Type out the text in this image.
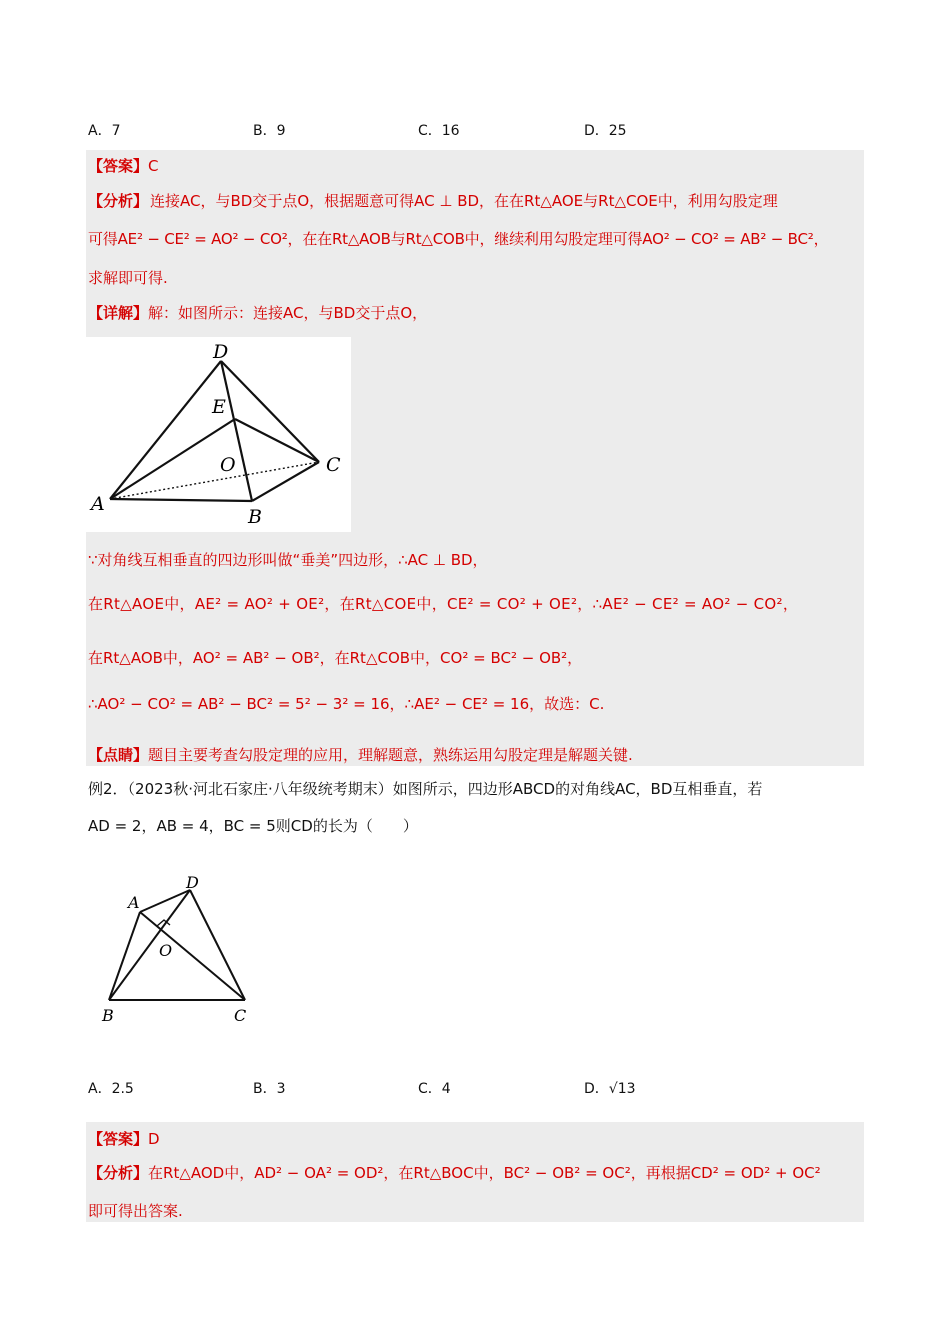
A．7	B．9	C．16	D．25
【答案】C
【分析】 连接AC，与BD交于点O，根据题意可得AC ⊥ BD，在在Rt△AOE与Rt△COE中，利用勾股定理
可得AE² − CE² = AO² − CO²，在在Rt△AOB与Rt△COB中，继续利用勾股定理可得AO² − CO² = AB² − BC²，
求解即可得.
【详解】解：如图所示：连接AC，与BD交于点O，
D
E
O	C
A
B
∵对角线互相垂直的四边形叫做“垂美”四边形，∴AC ⊥ BD，
在Rt△AOE中，AE² = AO² + OE²，在Rt△COE中，CE² = CO² + OE²，∴AE² − CE² = AO² − CO²，
在Rt△AOB中，AO² = AB² − OB²，在Rt△COB中，CO² = BC² − OB²，
∴AO² − CO² = AB² − BC² = 5² − 3² = 16，∴AE² − CE² = 16，故选：C.
【点睛】题目主要考查勾股定理的应用，理解题意，熟练运用勾股定理是解题关键.
例2．（2023秋·河北石家庄·八年级统考期末）如图所示，四边形ABCD的对角线AC，BD互相垂直，若
AD = 2，AB = 4，BC = 5则CD的长为（　　）
A
D
O
B	C
A．2.5	B．3	C．4	D．√13
【答案】D
【分析】在Rt△AOD中，AD² − OA² = OD²，在Rt△BOC中，BC² − OB² = OC²，再根据CD² = OD² + OC²
即可得出答案.
